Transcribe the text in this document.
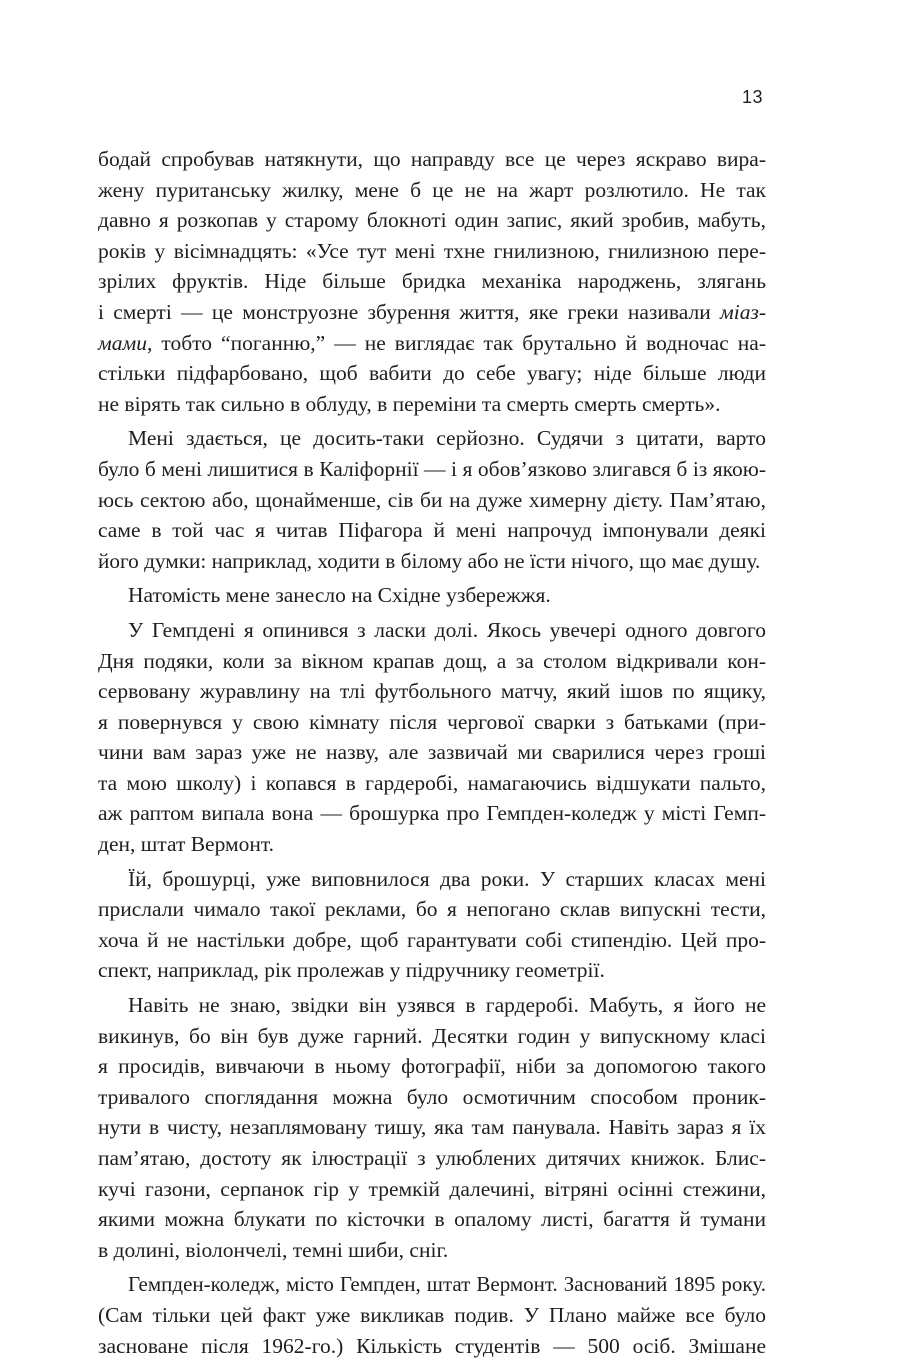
13
бодай спробував натякнути, що направду все це через яскраво вира-
жену пуританську жилку, мене б це не на жарт розлютило. Не так
давно я розкопав у старому блокноті один запис, який зробив, мабуть,
років у вісімнадцять: «Усе тут мені тхне гнилизною, гнилизною пере-
зрілих фруктів. Ніде більше бридка механіка народжень, злягань
і смерті — це монструозне збурення життя, яке греки називали міаз-
мами, тобто “поганню,” — не виглядає так брутально й водночас на-
стільки підфарбовано, щоб вабити до себе увагу; ніде більше люди
не вірять так сильно в облуду, в переміни та смерть смерть смерть».
Мені здається, це досить-таки серйозно. Судячи з цитати, варто
було б мені лишитися в Каліфорнії — і я обов’язково злигався б із якою-
юсь сектою або, щонайменше, сів би на дуже химерну дієту. Пам’ятаю,
саме в той час я читав Піфагора й мені напрочуд імпонували деякі
його думки: наприклад, ходити в білому або не їсти нічого, що має душу.
Натомість мене занесло на Східне узбережжя.
У Гемпдені я опинився з ласки долі. Якось увечері одного довгого
Дня подяки, коли за вікном крапав дощ, а за столом відкривали кон-
сервовану журавлину на тлі футбольного матчу, який ішов по ящику,
я повернувся у свою кімнату після чергової сварки з батьками (при-
чини вам зараз уже не назву, але зазвичай ми сварилися через гроші
та мою школу) і копався в гардеробі, намагаючись відшукати пальто,
аж раптом випала вона — брошурка про Гемпден-коледж у місті Гемп-
ден, штат Вермонт.
Їй, брошурці, уже виповнилося два роки. У старших класах мені
прислали чимало такої реклами, бо я непогано склав випускні тести,
хоча й не настільки добре, щоб гарантувати собі стипендію. Цей про-
спект, наприклад, рік пролежав у підручнику геометрії.
Навіть не знаю, звідки він узявся в гардеробі. Мабуть, я його не
викинув, бо він був дуже гарний. Десятки годин у випускному класі
я просидів, вивчаючи в ньому фотографії, ніби за допомогою такого
тривалого споглядання можна було осмотичним способом проник-
нути в чисту, незаплямовану тишу, яка там панувала. Навіть зараз я їх
пам’ятаю, достоту як ілюстрації з улюблених дитячих книжок. Блис-
кучі газони, серпанок гір у тремкій далечині, вітряні осінні стежини,
якими можна блукати по кісточки в опалому листі, багаття й тумани
в долині, віолончелі, темні шиби, сніг.
Гемпден-коледж, місто Гемпден, штат Вермонт. Заснований 1895 року.
(Сам тільки цей факт уже викликав подив. У Плано майже все було
засноване після 1962-го.) Кількість студентів — 500 осіб. Змішане
